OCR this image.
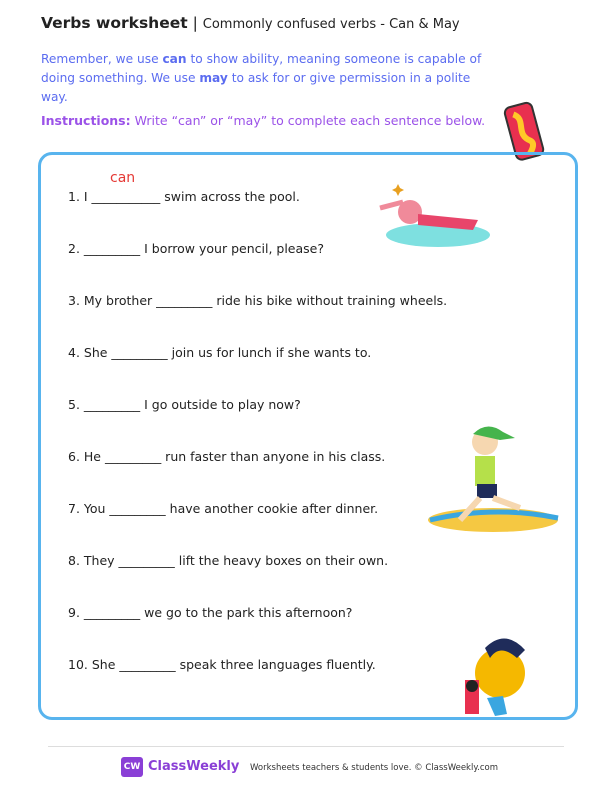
Verbs worksheet | Commonly confused verbs - Can & May
Remember, we use can to show ability, meaning someone is capable of doing something. We use may to ask for or give permission in a polite way.
Instructions: Write “can” or “may” to complete each sentence below.
can
1. I ___________ swim across the pool.
2. _________ I borrow your pencil, please?
3. My brother _________ ride his bike without training wheels.
4. She _________ join us for lunch if she wants to.
5. _________ I go outside to play now?
6. He _________ run faster than anyone in his class.
7. You _________ have another cookie after dinner.
8. They _________ lift the heavy boxes on their own.
9. _________ we go to the park this afternoon?
10. She _________ speak three languages fluently.
CW ClassWeekly Worksheets teachers & students love. © ClassWeekly.com
